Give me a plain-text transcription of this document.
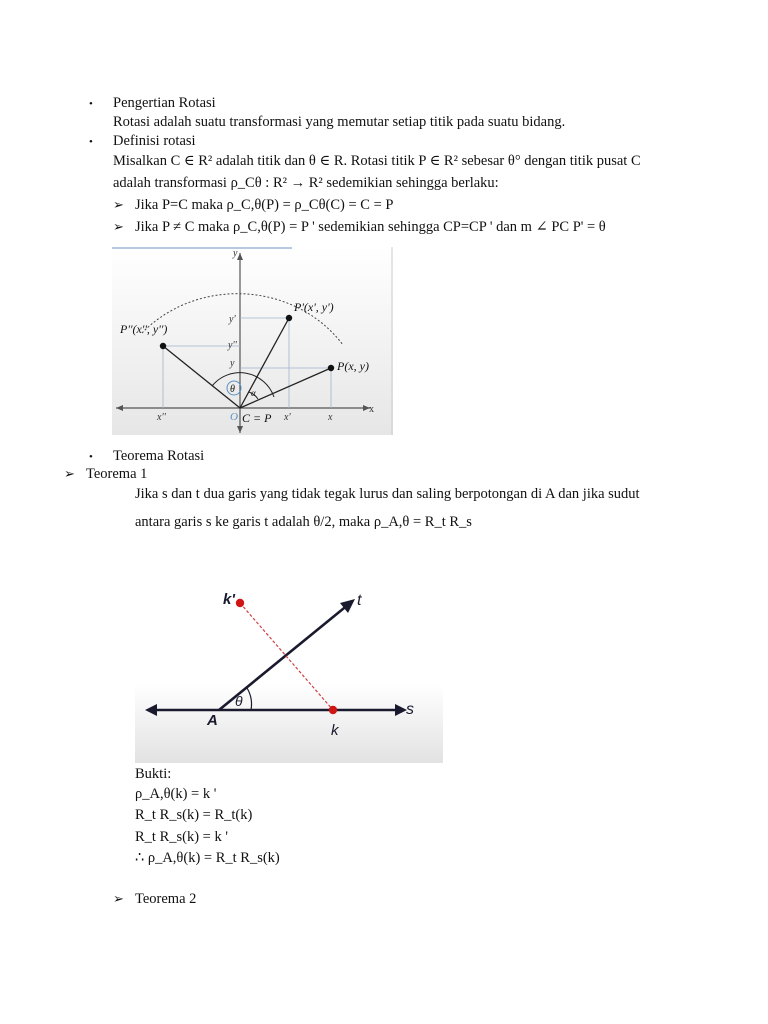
• Pengertian Rotasi
Rotasi adalah suatu transformasi yang memutar setiap titik pada suatu bidang.
• Definisi rotasi
Misalkan C ∈ R² adalah titik dan θ ∈ R. Rotasi titik P ∈ R² sebesar θ° dengan titik pusat C
adalah transformasi ρ_Cθ : R² → R² sedemikian sehingga berlaku:
➢ Jika P=C maka ρ_C,θ(P) = ρ_Cθ(C) = C = P
➢ Jika P ≠ C maka ρ_C,θ(P) = P ' sedemikian sehingga CP=CP ' dan m ∠ PC P' = θ
y
x
P'(x', y')
P''(x'', y'')
P(x, y)
y'
y''
y
x''	x'	x
O C = P
θ α
• Teorema Rotasi
➢ Teorema 1
Jika s dan t dua garis yang tidak tegak lurus dan saling berpotongan di A dan jika sudut
antara garis s ke garis t adalah θ/2, maka ρ_A,θ = R_t R_s
t
s
A
k
k'
θ
Bukti:
ρ_A,θ(k) = k '
R_t R_s(k) = R_t(k)
R_t R_s(k) = k '
∴ ρ_A,θ(k) = R_t R_s(k)
➢ Teorema 2
